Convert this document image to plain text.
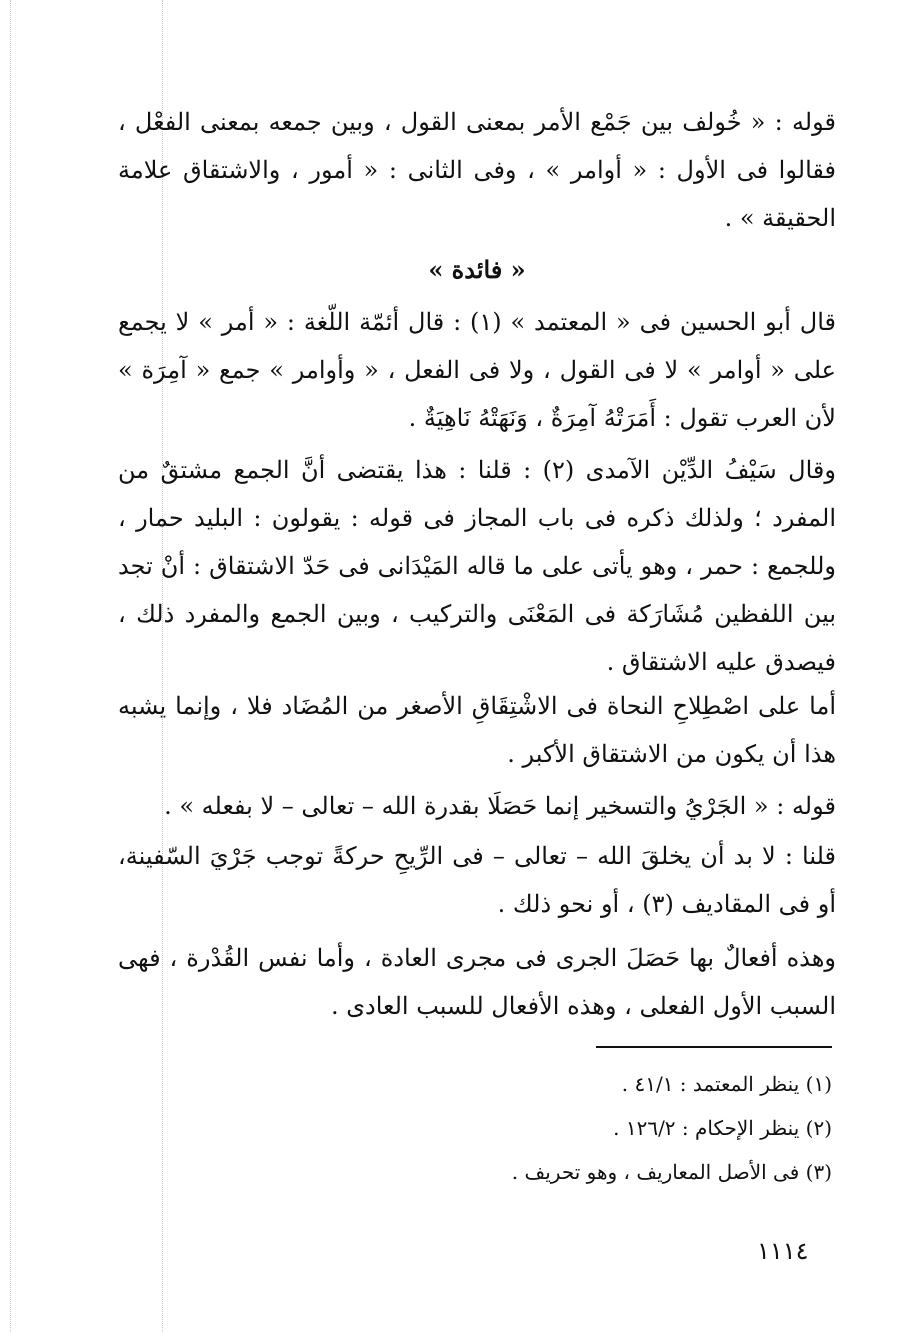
قوله : « خُولف بين جَمْع الأمر بمعنى القول ، وبين جمعه بمعنى الفعْل ، فقالوا فى الأول : « أوامر » ، وفى الثانى : « أمور ، والاشتقاق علامة الحقيقة » .

« فائدة »

قال أبو الحسين فى « المعتمد » (١) : قال أئمّة اللّغة : « أمر » لا يجمع على « أوامر » لا فى القول ، ولا فى الفعل ، « وأوامر » جمع « آمِرَة » لأن العرب تقول : أَمَرَتْهُ آمِرَةٌ ، وَنَهَتْهُ نَاهِيَةٌ .

وقال سَيْفُ الدِّيْن الآمدى (٢) : قلنا : هذا يقتضى أنَّ الجمع مشتقٌ من المفرد ؛ ولذلك ذكره فى باب المجاز فى قوله : يقولون : البليد حمار ، وللجمع : حمر ، وهو يأتى على ما قاله المَيْدَانى فى حَدّ الاشتقاق : أنْ تجد بين اللفظين مُشَارَكة فى المَعْنَى والتركيب ، وبين الجمع والمفرد ذلك ، فيصدق عليه الاشتقاق .

أما على اصْطِلاحِ النحاة فى الاشْتِقَاقِ الأصغر من المُضَاد فلا ، وإنما يشبه هذا أن يكون من الاشتقاق الأكبر .

قوله : « الجَرْيُ والتسخير إنما حَصَلَا بقدرة الله – تعالى – لا بفعله » .

قلنا : لا بد أن يخلقَ الله – تعالى – فى الرِّيحِ حركةً توجب جَرْيَ السّفينة، أو فى المقاديف (٣) ، أو نحو ذلك .

وهذه أفعالٌ بها حَصَلَ الجرى فى مجرى العادة ، وأما نفس القُدْرة ، فهى السبب الأول الفعلى ، وهذه الأفعال للسبب العادى .

(١) ينظر المعتمد : ٤١/١ .

(٢) ينظر الإحكام : ١٢٦/٢ .

(٣) فى الأصل المعاريف ، وهو تحريف .

١١١٤
